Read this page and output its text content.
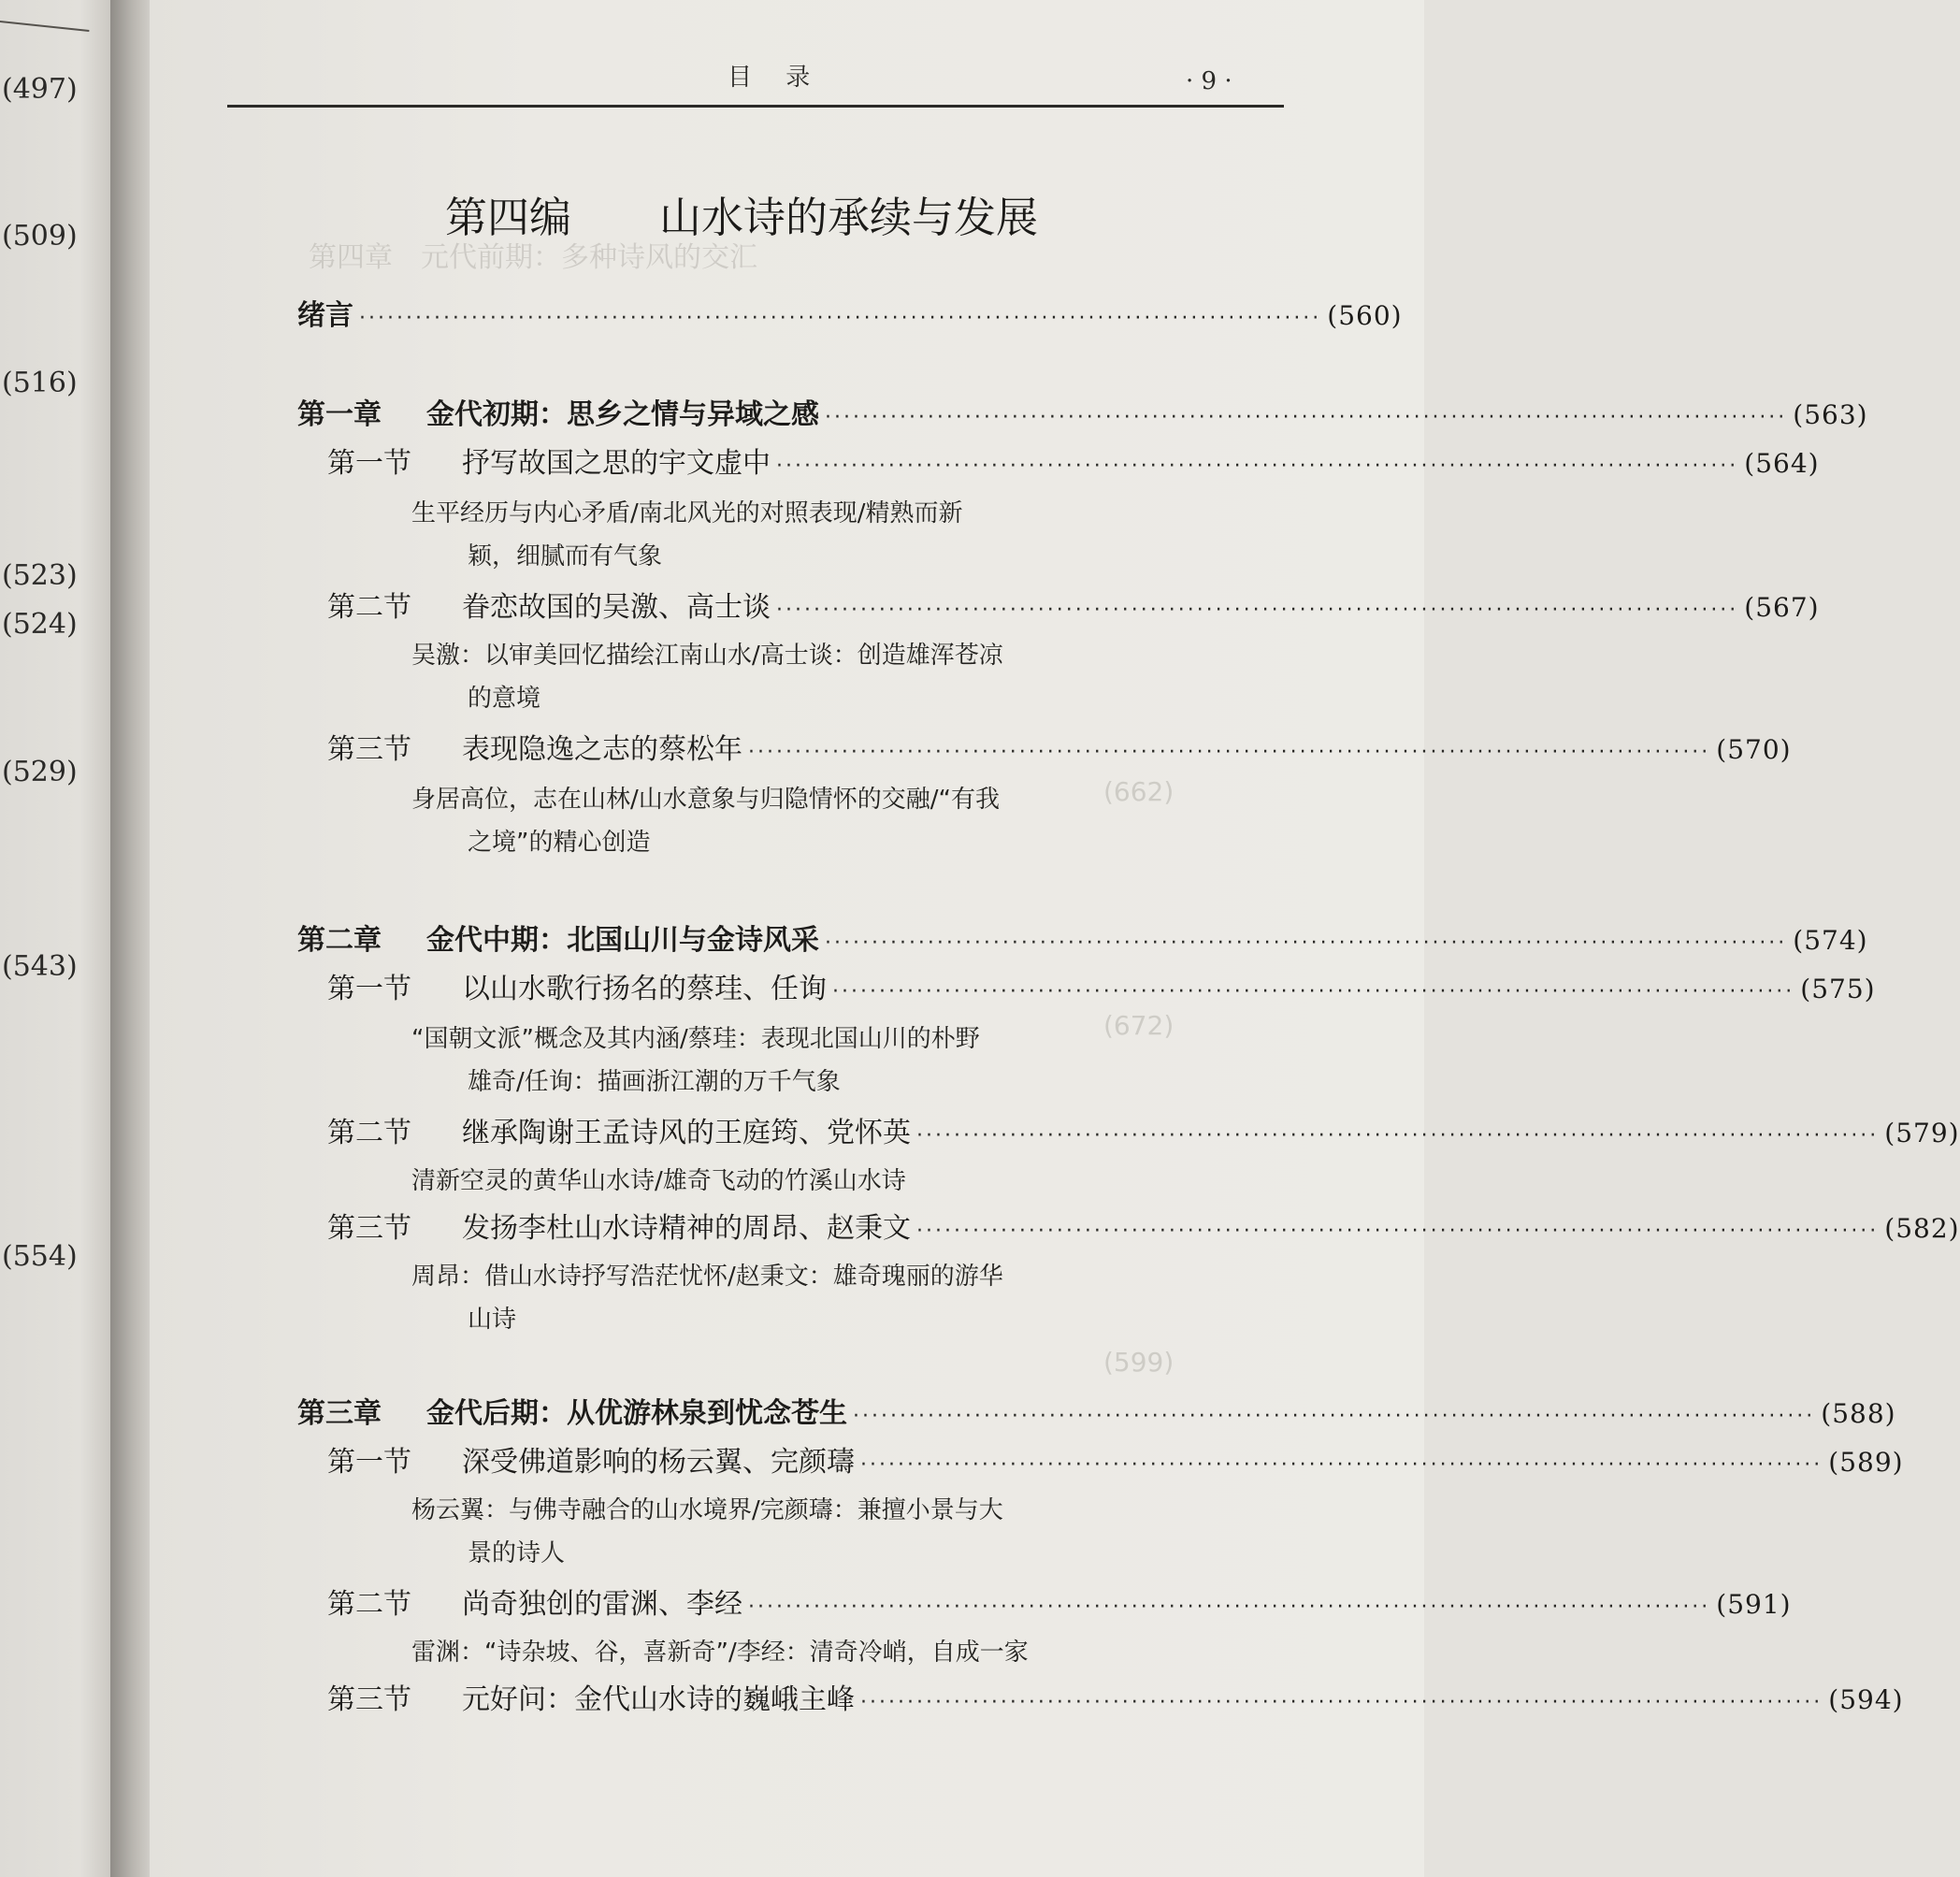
(497)
(509)
(516)
(523)
(524)
(529)
(543)
(554)
第四章　元代前期：多种诗风的交汇
(662)
(672)
(599)
目 录	· 9 ·
第四编 山水诗的承续与发展
绪言 ······································································································· (560)
第一章 金代初期：思乡之情与异域之感 ······································································································· (563)
第一节 抒写故国之思的宇文虚中 ······································································································· (564)
生平经历与内心矛盾/南北风光的对照表现/精熟而新
颖，细腻而有气象
第二节 眷恋故国的吴激、高士谈 ······································································································· (567)
吴激：以审美回忆描绘江南山水/高士谈：创造雄浑苍凉
的意境
第三节 表现隐逸之志的蔡松年 ······································································································· (570)
身居高位，志在山林/山水意象与归隐情怀的交融/“有我
之境”的精心创造
第二章 金代中期：北国山川与金诗风采 ······································································································· (574)
第一节 以山水歌行扬名的蔡珪、任询 ······································································································· (575)
“国朝文派”概念及其内涵/蔡珪：表现北国山川的朴野
雄奇/任询：描画浙江潮的万千气象
第二节 继承陶谢王孟诗风的王庭筠、党怀英 ······································································································· (579)
清新空灵的黄华山水诗/雄奇飞动的竹溪山水诗
第三节 发扬李杜山水诗精神的周昂、赵秉文 ······································································································· (582)
周昂：借山水诗抒写浩茫忧怀/赵秉文：雄奇瑰丽的游华
山诗
第三章 金代后期：从优游林泉到忧念苍生 ······································································································· (588)
第一节 深受佛道影响的杨云翼、完颜璹 ······································································································· (589)
杨云翼：与佛寺融合的山水境界/完颜璹：兼擅小景与大
景的诗人
第二节 尚奇独创的雷渊、李经 ······································································································· (591)
雷渊：“诗杂坡、谷，喜新奇”/李经：清奇冷峭，自成一家
第三节 元好问：金代山水诗的巍峨主峰 ······································································································· (594)
